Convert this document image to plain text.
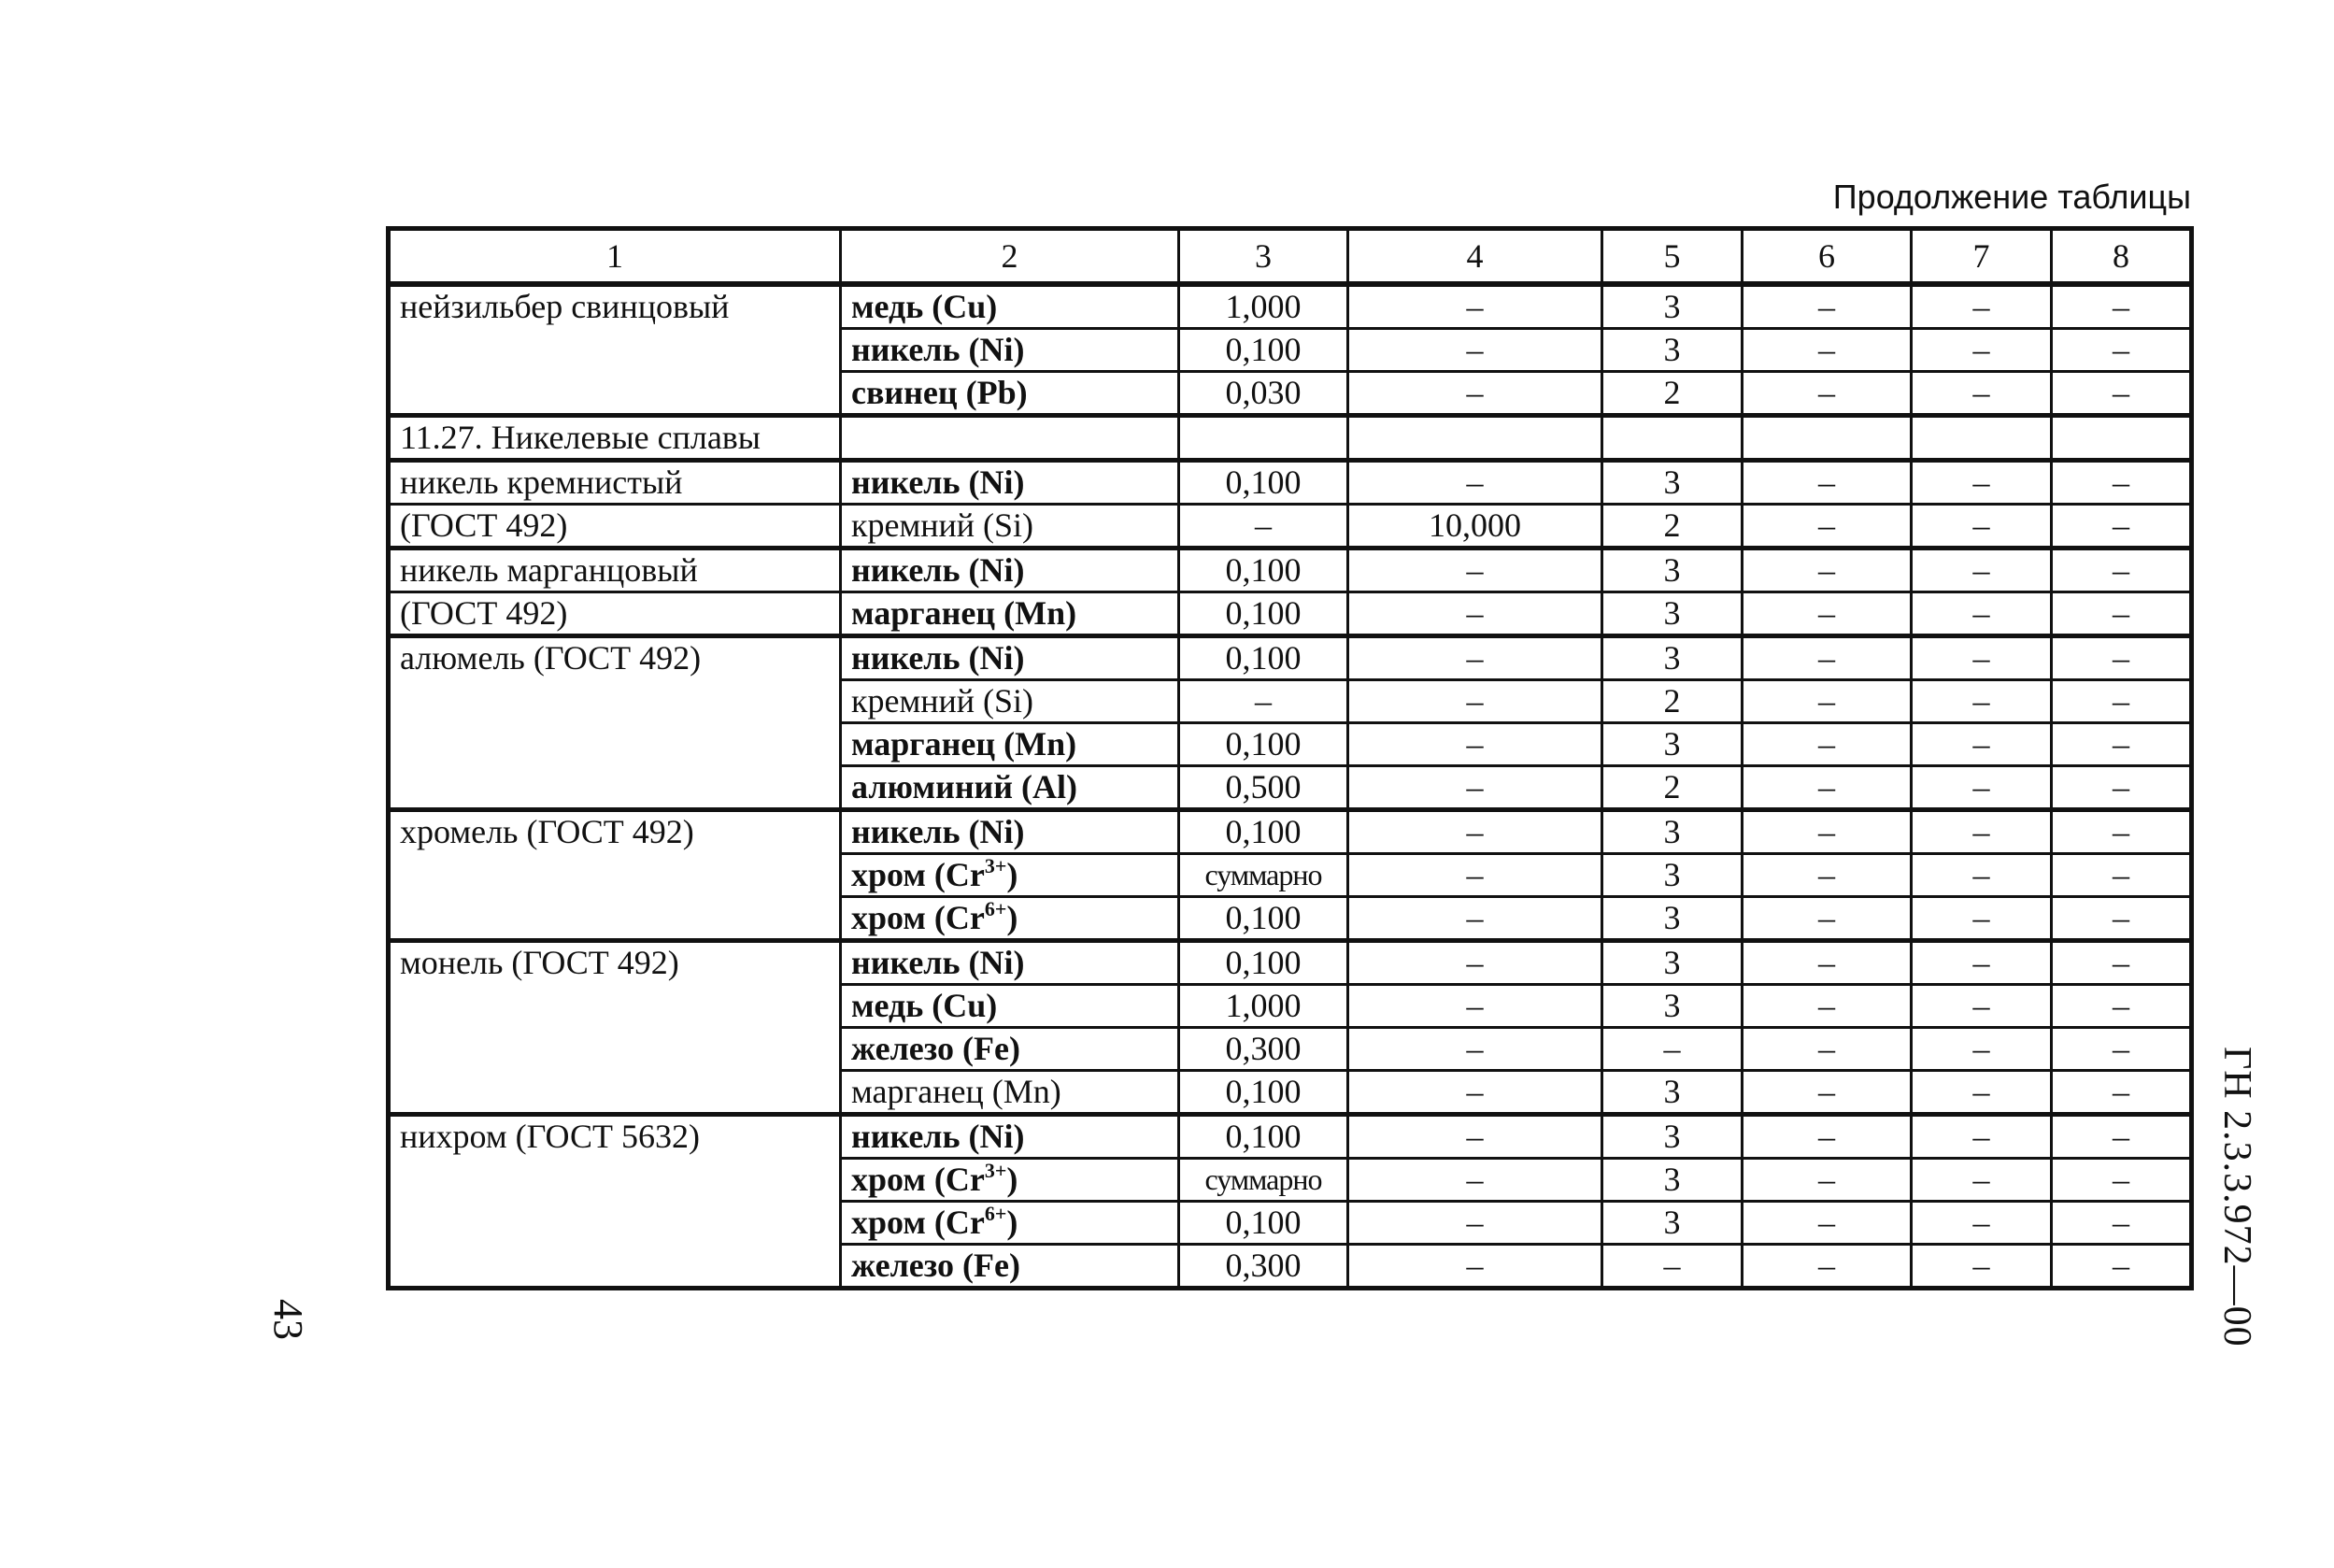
Продолжение таблицы
1	2	3	4	5	6	7	8
нейзильбер свинцовый	медь (Cu)	1,000	–	3	–	–	–
	никель (Ni)	0,100	–	3	–	–	–
	свинец (Pb)	0,030	–	2	–	–	–
11.27. Никелевые сплавы							
никель кремнистый	никель (Ni)	0,100	–	3	–	–	–
(ГОСТ 492)	кремний (Si)	–	10,000	2	–	–	–
никель марганцовый	никель (Ni)	0,100	–	3	–	–	–
(ГОСТ 492)	марганец (Mn)	0,100	–	3	–	–	–
алюмель (ГОСТ 492)	никель (Ni)	0,100	–	3	–	–	–
	кремний (Si)	–	–	2	–	–	–
	марганец (Mn)	0,100	–	3	–	–	–
	алюминий (Al)	0,500	–	2	–	–	–
хромель (ГОСТ 492)	никель (Ni)	0,100	–	3	–	–	–
	хром $(Cr^{3+})$	суммарно	–	3	–	–	–
	хром $(Cr^{6+})$	0,100	–	3	–	–	–
монель (ГОСТ 492)	никель (Ni)	0,100	–	3	–	–	–
	медь (Cu)	1,000	–	3	–	–	–
	железо (Fe)	0,300	–	–	–	–	–
	марганец (Mn)	0,100	–	3	–	–	–
нихром (ГОСТ 5632)	никель (Ni)	0,100	–	3	–	–	–
	хром $(Cr^{3+})$	суммарно	–	3	–	–	–
	хром $(Cr^{6+})$	0,100	–	3	–	–	–
	железо (Fe)	0,300	–	–	–	–	– ГН 2.3.3.972—00
43
